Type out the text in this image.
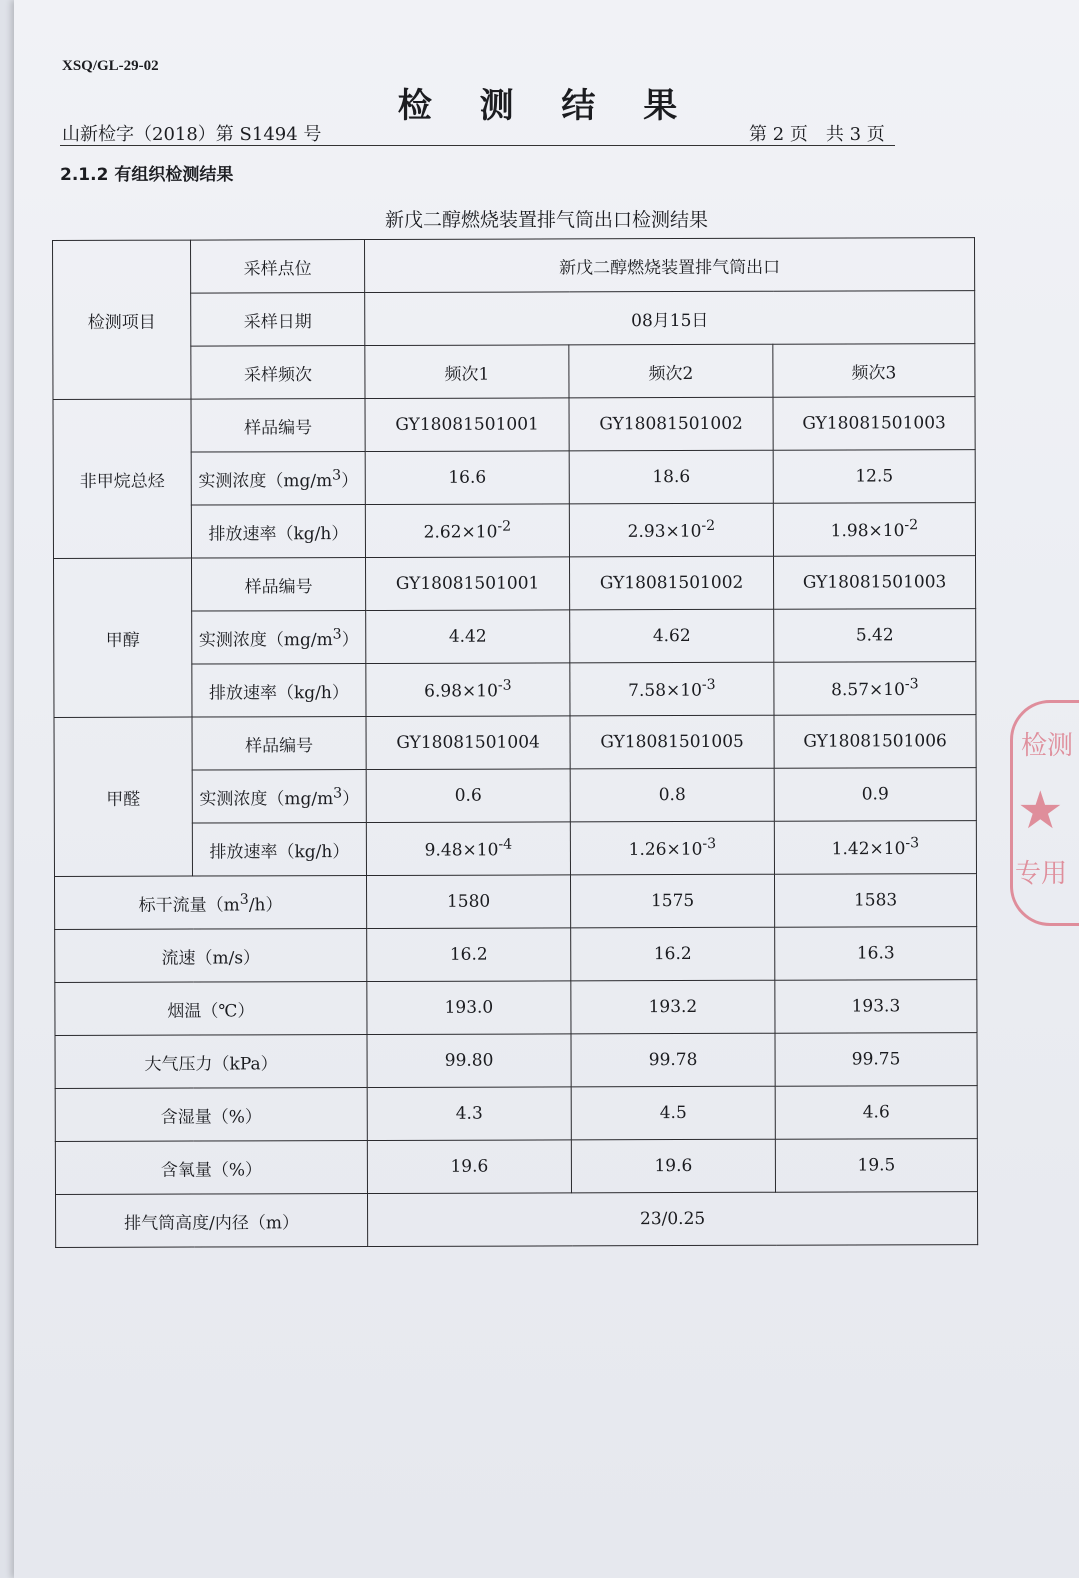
XSQ/GL-29-02
检 测 结 果
山新检字（2018）第 S1494 号	第 2 页　共 3 页
2.1.2 有组织检测结果
新戊二醇燃烧装置排气筒出口检测结果
检测项目	采样点位	新戊二醇燃烧装置排气筒出口		
	采样日期	08月15日		
	采样频次	频次1	频次2	频次3
非甲烷总烃	样品编号	GY18081501001	GY18081501002	GY18081501003
	实测浓度$(mg/m^3)$	16.6	18.6	12.5
	排放速率（kg/h）	$2.62\times 10^{-2}$	$2.93\times 10^{-2}$	$1.98\times 10^{-2}$
甲醇	样品编号	GY18081501001	GY18081501002	GY18081501003
	实测浓度$(mg/m^3)$	4.42	4.62	5.42
	排放速率（kg/h）	$6.98\times 10^{-3}$	$7.58\times 10^{-3}$	$8.57\times 10^{-3}$
甲醛	样品编号	GY18081501004	GY18081501005	GY18081501006
	实测浓度$(mg/m^3)$	0.6	0.8	0.9
	排放速率（kg/h）	$9.48\times 10^{-4}$	$1.26\times 10^{-3}$	$1.42\times 10^{-3}$
标干流量$(m^3/h)$		1580	1575	1583
流速（m/s）		16.2	16.2	16.3
烟温（℃）		193.0	193.2	193.3
大气压力（kPa）		99.80	99.78	99.75
含湿量（%）		4.3	4.5	4.6
含氧量（%）		19.6	19.6	19.5
排气筒高度/内径（m）		23/0.25		
检测
★
专用
